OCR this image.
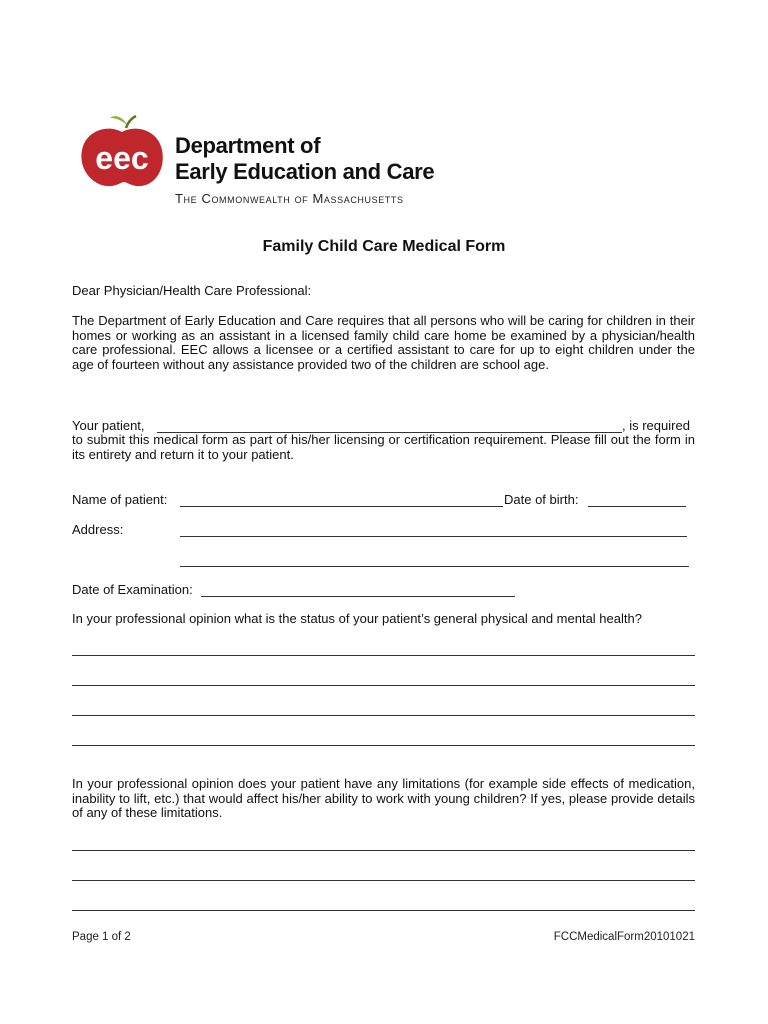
eec Department of
Early Education and Care
The Commonwealth of Massachusetts
Family Child Care Medical Form
Dear Physician/Health Care Professional:
The Department of Early Education and Care requires that all persons who will be caring for children in their homes or working as an assistant in a licensed family child care home be examined by a physician/health care professional. EEC allows a licensee or a certified assistant to care for up to eight children under the age of fourteen without any assistance provided two of the children are school age.
Your patient,	, is required
to submit this medical form as part of his/her licensing or certification requirement. Please fill out the form in its entirety and return it to your patient.
Name of patient:	Date of birth:
Address:
Date of Examination:
In your professional opinion what is the status of your patient’s general physical and mental health?
In your professional opinion does your patient have any limitations (for example side effects of medication, inability to lift, etc.) that would affect his/her ability to work with young children? If yes, please provide details of any of these limitations.
Page 1 of 2	FCCMedicalForm20101021
